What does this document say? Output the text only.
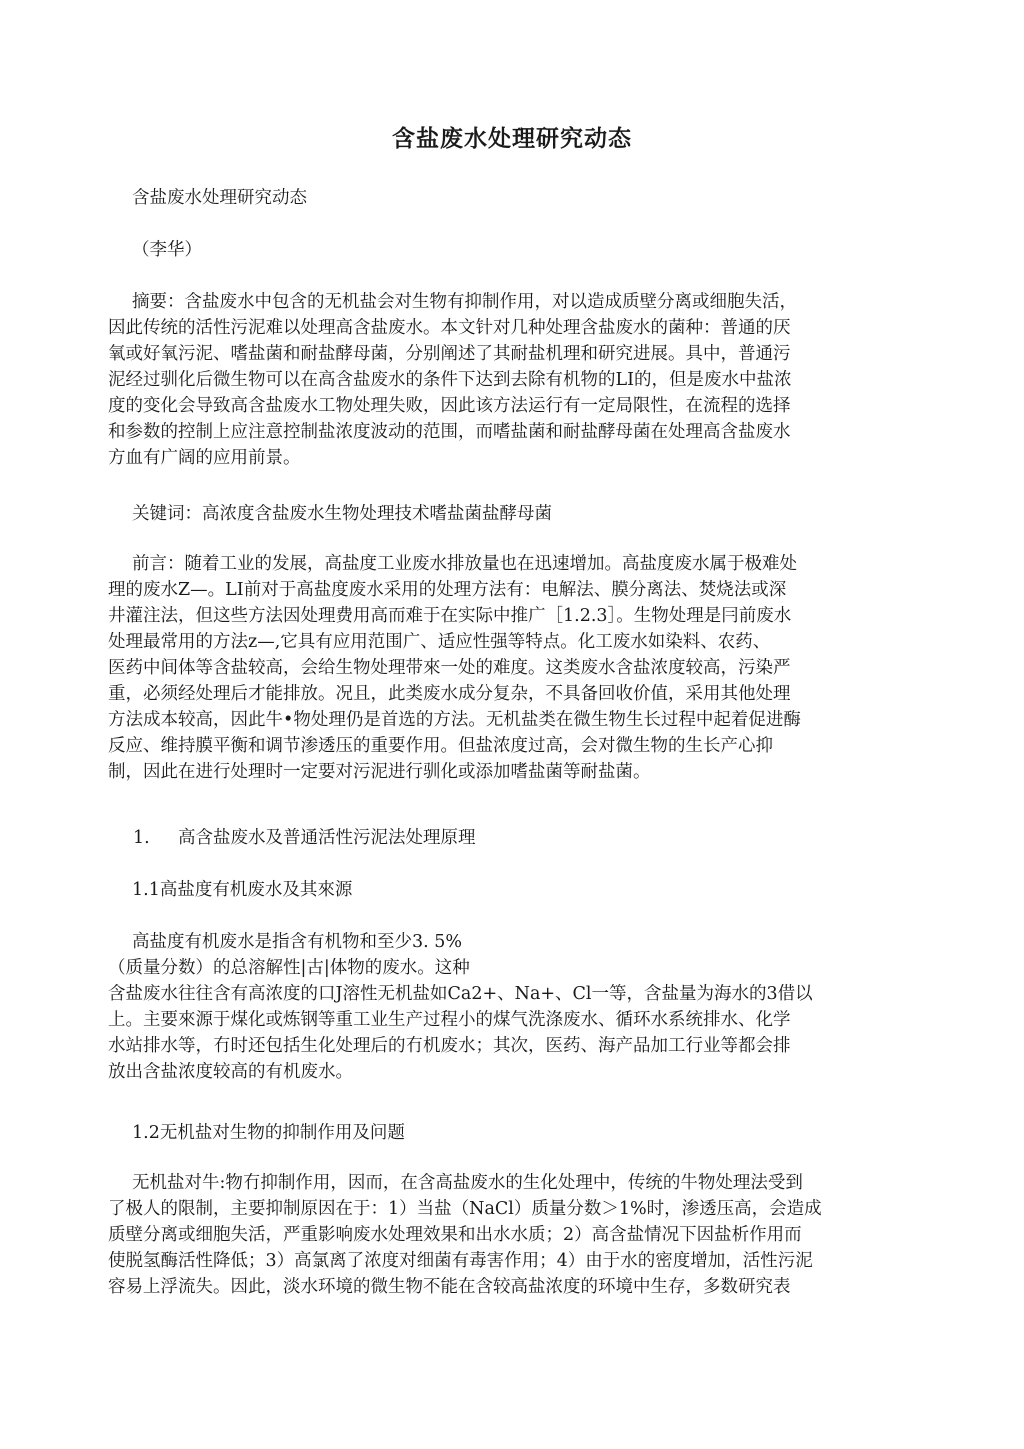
含盐废水处理研究动态

含盐废水处理研究动态

（李华）

摘要：含盐废水中包含的无机盐会对生物有抑制作用，对以造成质壁分离或细胞失活，

因此传统的活性污泥难以处理高含盐废水。本文针对几种处理含盐废水的菌种：普通的厌

氧或好氧污泥、嗜盐菌和耐盐酵母菌，分别阐述了其耐盐机理和研究进展。具中，普通污

泥经过驯化后微生物可以在高含盐废水的条件下达到去除有机物的LI的，但是废水中盐浓

度的变化会导致高含盐废水工物处理失败，因此该方法运行有一定局限性，在流程的选择

和参数的控制上应注意控制盐浓度波动的范围，而嗜盐菌和耐盐酵母菌在处理高含盐废水

方血有广阔的应用前景。

关键词：高浓度含盐废水生物处理技术嗜盐菌盐酵母菌

前言：随着工业的发展，高盐度工业废水排放量也在迅速增加。高盐度废水属于极难处

理的废水Z—。LI前对于高盐度废水采用的处理方法有：电解法、膜分离法、焚烧法或深

井灌注法，但这些方法因处理费用高而难于在实际中推广［1.2.3］。生物处理是冃前废水

处理最常用的方法z—,它具有应用范围广、适应性强等特点。化工废水如染料、农药、

医药中间体等含盐较高，会给生物处理带來一处的难度。这类废水含盐浓度较高，污染严

重，必须经处理后才能排放。况且，此类废水成分复杂，不具备回收价值，采用其他处理

方法成本较高，因此牛•物处理仍是首选的方法。无机盐类在微生物生长过程中起着促进酶

反应、维持膜平衡和调节渗透压的重要作用。但盐浓度过高，会对微生物的生长产心抑

制，因此在进行处理时一定要对污泥进行驯化或添加嗜盐菌等耐盐菌。

1. 高含盐废水及普通活性污泥法处理原理

1.1高盐度有机废水及其來源

高盐度有机废水是指含有机物和至少3. 5%

（质量分数）的总溶解性|古|体物的废水。这种

含盐废水往往含有高浓度的口J溶性无机盐如Ca2+、Na+、Cl一等，含盐量为海水的3借以

上。主要來源于煤化或炼钢等重工业生产过程小的煤气洗涤废水、循环水系统排水、化学

水站排水等，冇时还包括生化处理后的冇机废水；其次，医药、海产品加工行业等都会排

放出含盐浓度较高的有机废水。

1.2无机盐对生物的抑制作用及问题

无机盐对牛:物冇抑制作用，因而，在含高盐废水的生化处理中，传统的牛物处理法受到

了极人的限制，主要抑制原因在于：1）当盐（NaCl）质量分数＞1%时，渗透压高，会造成

质壁分离或细胞失活，严重影响废水处理效果和出水水质；2）高含盐情况下因盐析作用而

使脱氢酶活性降低；3）高氯离了浓度对细菌有毒害作用；4）由于水的密度增加，活性污泥

容易上浮流失。因此，淡水环境的微生物不能在含较高盐浓度的环境中生存，多数研究表
